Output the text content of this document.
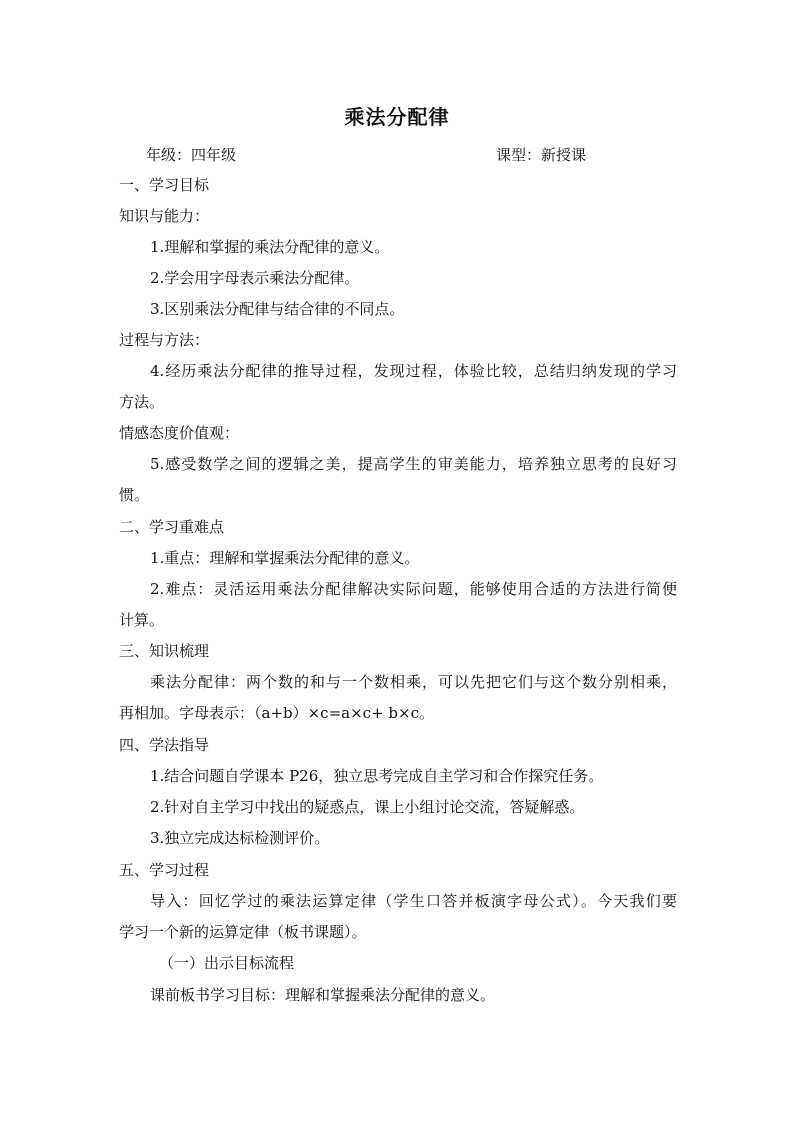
乘法分配律
年级：四年级	课型：新授课
一、学习目标
知识与能力：
1.理解和掌握的乘法分配律的意义。
2.学会用字母表示乘法分配律。
3.区别乘法分配律与结合律的不同点。
过程与方法：
4.经历乘法分配律的推导过程，发现过程，体验比较，总结归纳发现的学习
方法。
情感态度价值观：
5.感受数学之间的逻辑之美，提高学生的审美能力，培养独立思考的良好习
惯。
二、学习重难点
1.重点：理解和掌握乘法分配律的意义。
2.难点：灵活运用乘法分配律解决实际问题，能够使用合适的方法进行简便
计算。
三、知识梳理
乘法分配律：两个数的和与一个数相乘，可以先把它们与这个数分别相乘，
再相加。字母表示：（a+b）×c=a×c+ b×c。
四、学法指导
1.结合问题自学课本 P26，独立思考完成自主学习和合作探究任务。
2.针对自主学习中找出的疑惑点，课上小组讨论交流，答疑解惑。
3.独立完成达标检测评价。
五、学习过程
导入：回忆学过的乘法运算定律（学生口答并板演字母公式）。今天我们要
学习一个新的运算定律（板书课题）。
（一）出示目标流程
课前板书学习目标：理解和掌握乘法分配律的意义。
